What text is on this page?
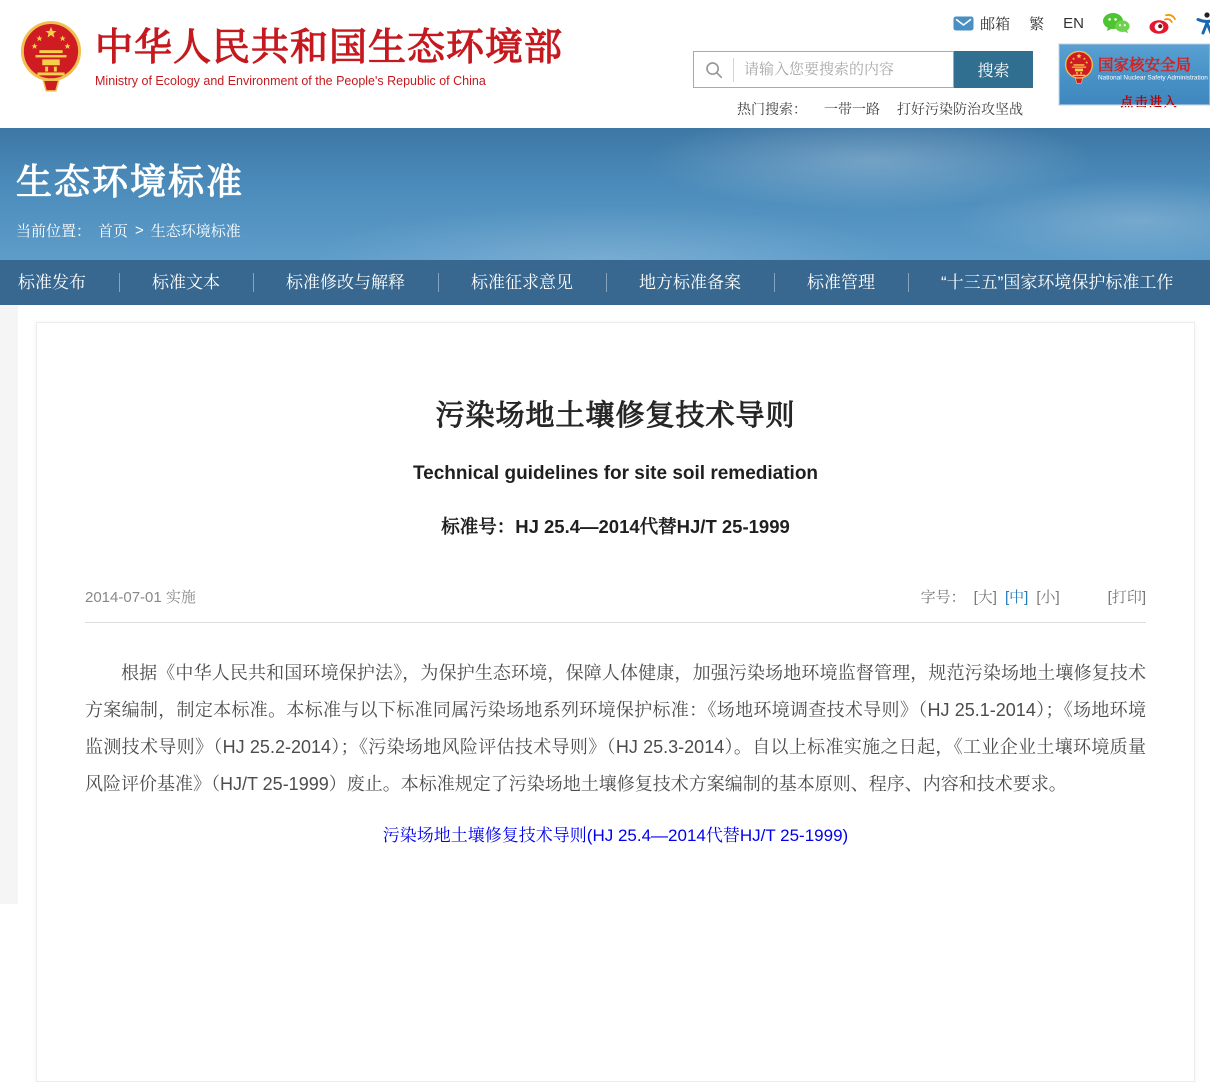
邮箱 繁 EN
中华人民共和国生态环境部
Ministry of Ecology and Environment of the People's Republic of China
请输入您要搜索的内容
搜索
热门搜索： 一带一路 打好污染防治攻坚战
国家核安全局
National Nuclear Safety Administration
点击进入
生态环境标准
当前位置： 首页 > 生态环境标准
标准发布	标准文本	标准修改与解释	标准征求意见	地方标准备案	标准管理	“十三五”国家环境保护标准工作
污染场地土壤修复技术导则
Technical guidelines for site soil remediation
标准号：HJ 25.4—2014代替HJ/T 25-1999
2014-07-01 实施	字号： [大] [中] [小]	[打印]

根据《中华人民共和国环境保护法》，为保护生态环境，保障人体健康，加强污染场地环境监督管理，规范污染场地土壤修复技术方案编制，制定本标准。本标准与以下标准同属污染场地系列环境保护标准：《场地环境调查技术导则》（HJ 25.1-2014）；《场地环境监测技术导则》（HJ 25.2-2014）；《污染场地风险评估技术导则》（HJ 25.3-2014）。自以上标准实施之日起，《工业企业土壤环境质量风险评价基准》（HJ/T 25-1999）废止。本标准规定了污染场地土壤修复技术方案编制的基本原则、程序、内容和技术要求。

污染场地土壤修复技术导则(HJ 25.4—2014代替HJ/T 25-1999)
